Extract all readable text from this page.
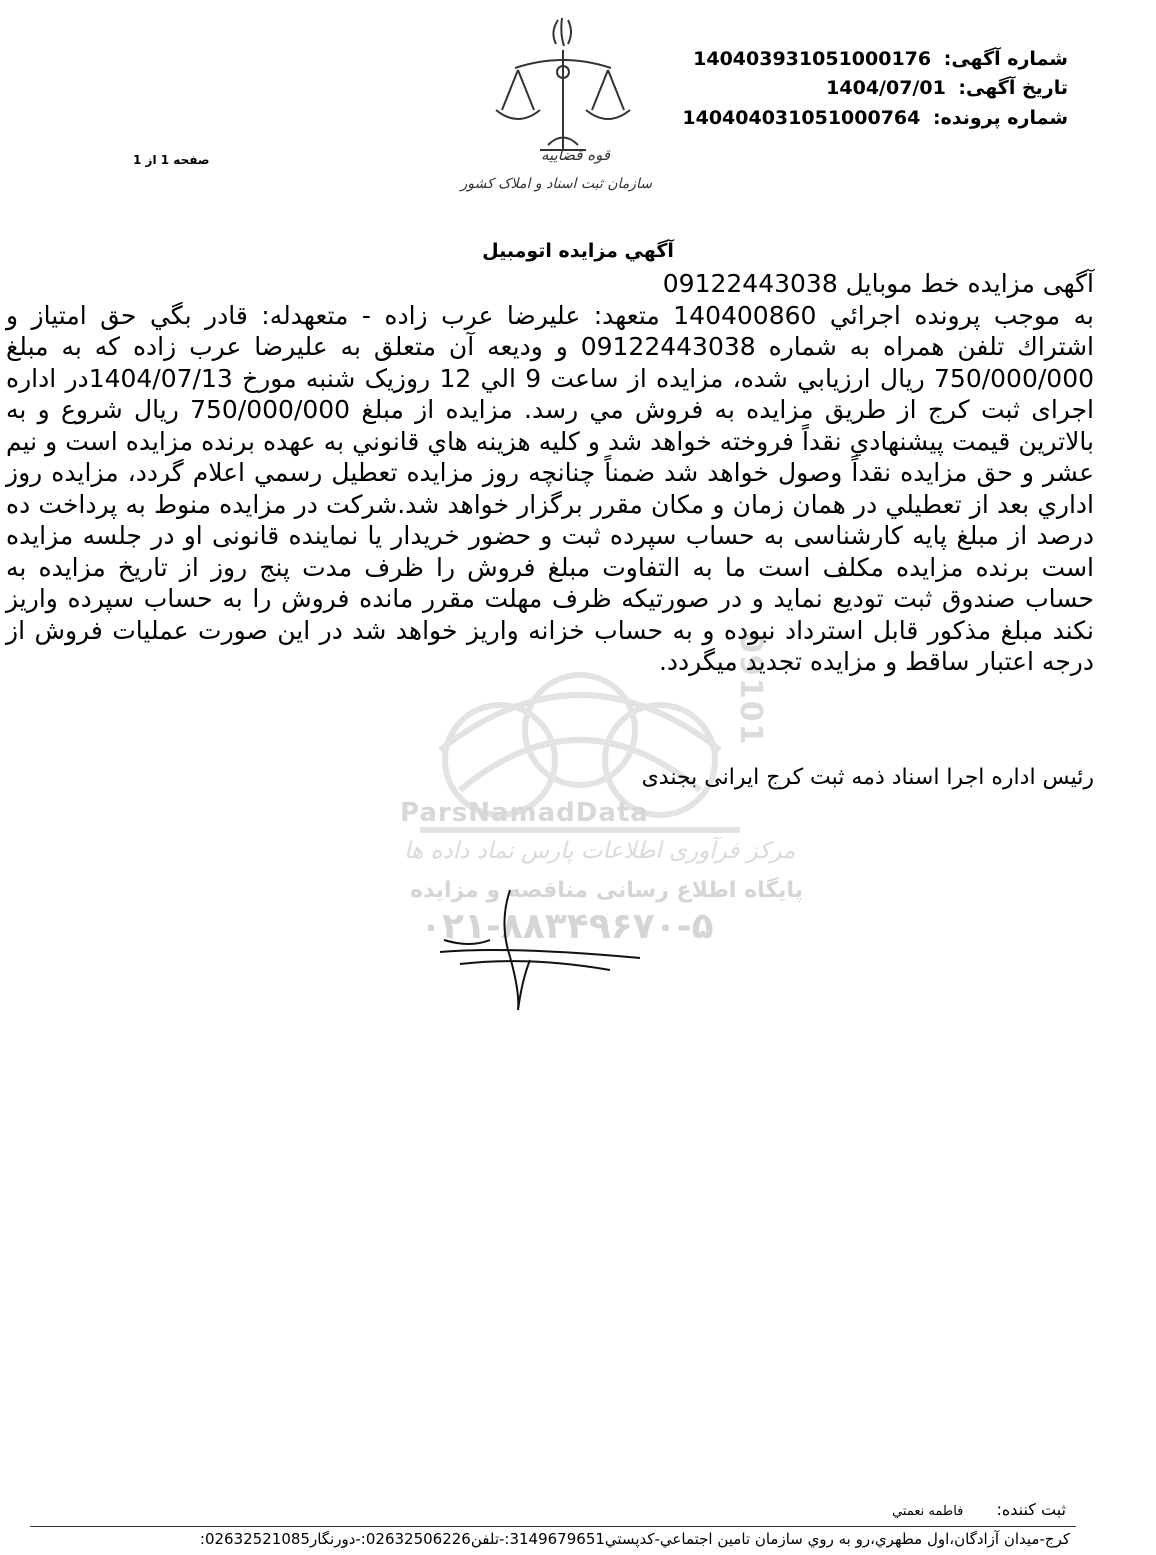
09101
ParsNamadData
مرکز فرآوری اطلاعات پارس نماد داده ها
پایگاه اطلاع رسانی مناقصه و مزایده
۰۲۱-۸۸۳۴۹۶۷۰-۵
قوه قضاییه
سازمان ثبت اسناد و املاک کشور
شماره آگهی: 140403931051000176
تاریخ آگهی: 1404/07/01
شماره پرونده: 140404031051000764
صفحه 1 از 1
آگهي مزايده اتومبيل

آگهی مزایده خط موبایل 09122443038

به موجب پرونده اجرائي 140400860 متعهد: عليرضا عرب زاده - متعهدله: قادر بگي حق امتياز و اشتراك تلفن همراه به شماره 09122443038 و وديعه آن متعلق به عليرضا عرب زاده كه به مبلغ 750/000/000 ريال ارزيابي شده، مزايده از ساعت 9 الي 12 روزيک شنبه مورخ 1404/07/13در اداره اجرای ثبت کرج از طريق مزايده به فروش مي رسد. مزايده از مبلغ 750/000/000 ريال شروع و به بالاترين قيمت پيشنهادي نقداً فروخته خواهد شد و کليه هزينه هاي قانوني به عهده برنده مزايده است و نيم عشر و حق مزايده نقداً وصول خواهد شد ضمناً چنانچه روز مزايده تعطيل رسمي اعلام گردد، مزايده روز اداري بعد از تعطيلي در همان زمان و مکان مقرر برگزار خواهد شد.شرکت در مزايده منوط به پرداخت ده درصد از مبلغ پایه کارشناسی به حساب سپرده ثبت و حضور خريدار يا نماينده قانونی او در جلسه مزايده است برنده مزايده مکلف است ما به التفاوت مبلغ فروش را ظرف مدت پنج روز از تاريخ مزايده به حساب صندوق ثبت توديع نمايد و در صورتيکه ظرف مهلت مقرر مانده فروش را به حساب سپرده واريز نکند مبلغ مذکور قابل استرداد نبوده و به حساب خزانه واريز خواهد شد در اين صورت عمليات فروش از درجه اعتبار ساقط و مزايده تجديد ميگردد.

رئیس اداره اجرا اسناد ذمه ثبت کرج ایرانی بجندی
ثبت کننده: فاطمه نعمتي
كرج-ميدان آزادگان،اول مطهري،رو به روي سازمان تامين اجتماعي-كدپستي3149679651:-تلفن02632506226:-دورنگار02632521085:
